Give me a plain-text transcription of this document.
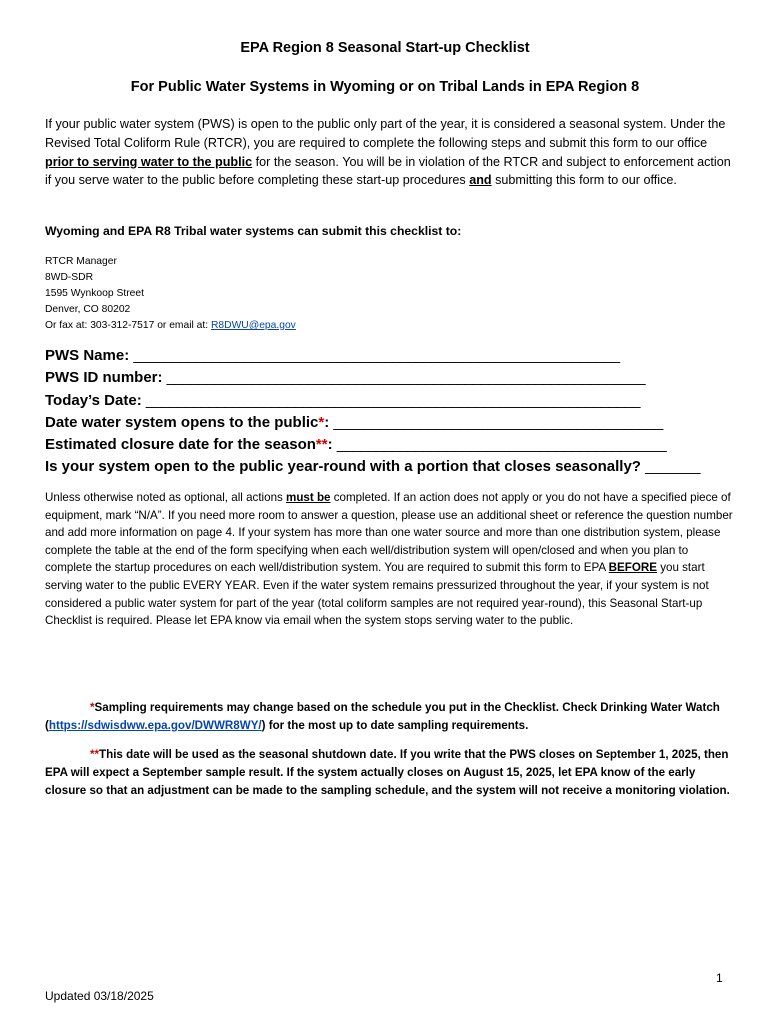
EPA Region 8 Seasonal Start-up Checklist
For Public Water Systems in Wyoming or on Tribal Lands in EPA Region 8
If your public water system (PWS) is open to the public only part of the year, it is considered a seasonal system. Under the Revised Total Coliform Rule (RTCR), you are required to complete the following steps and submit this form to our office prior to serving water to the public for the season. You will be in violation of the RTCR and subject to enforcement action if you serve water to the public before completing these start-up procedures and submitting this form to our office.
Wyoming and EPA R8 Tribal water systems can submit this checklist to:
RTCR Manager
8WD-SDR
1595 Wynkoop Street
Denver, CO 80202
Or fax at: 303-312-7517 or email at: R8DWU@epa.gov
PWS Name: ______________________________________________________________
PWS ID number: _____________________________________________________________
Today’s Date: _______________________________________________________________
Date water system opens to the public*: __________________________________________
Estimated closure date for the season**: __________________________________________
Is your system open to the public year-round with a portion that closes seasonally? _______
Unless otherwise noted as optional, all actions must be completed. If an action does not apply or you do not have a specified piece of equipment, mark “N/A”. If you need more room to answer a question, please use an additional sheet or reference the question number and add more information on page 4. If your system has more than one water source and more than one distribution system, please complete the table at the end of the form specifying when each well/distribution system will open/closed and when you plan to complete the startup procedures on each well/distribution system. You are required to submit this form to EPA BEFORE you start serving water to the public EVERY YEAR. Even if the water system remains pressurized throughout the year, if your system is not considered a public water system for part of the year (total coliform samples are not required year-round), this Seasonal Start-up Checklist is required. Please let EPA know via email when the system stops serving water to the public.
*Sampling requirements may change based on the schedule you put in the Checklist. Check Drinking Water Watch (https://sdwisdww.epa.gov/DWWR8WY/) for the most up to date sampling requirements.
**This date will be used as the seasonal shutdown date. If you write that the PWS closes on September 1, 2025, then EPA will expect a September sample result. If the system actually closes on August 15, 2025, let EPA know of the early closure so that an adjustment can be made to the sampling schedule, and the system will not receive a monitoring violation.
1
Updated 03/18/2025
